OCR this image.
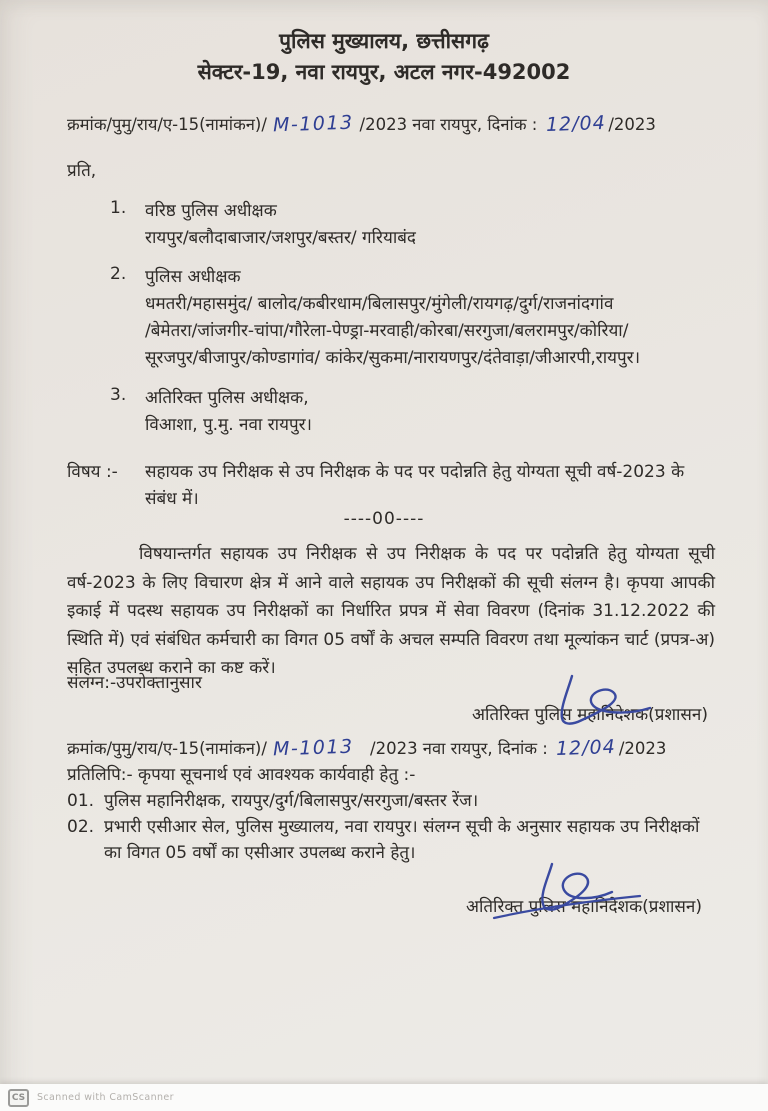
पुलिस मुख्यालय, छत्तीसगढ़
सेक्टर-19, नवा रायपुर, अटल नगर-492002
क्रमांक/पुमु/राय/ए-15(नामांकन)/ M-1013 /2023 नवा रायपुर, दिनांक : 12/04 /2023
प्रति,
1. वरिष्ठ पुलिस अधीक्षक
रायपुर/बलौदाबाजार/जशपुर/बस्तर/ गरियाबंद
2. पुलिस अधीक्षक
धमतरी/महासमुंद/ बालोद/कबीरधाम/बिलासपुर/मुंगेली/रायगढ़/दुर्ग/राजनांदगांव
/बेमेतरा/जांजगीर-चांपा/गौरेला-पेण्ड्रा-मरवाही/कोरबा/सरगुजा/बलरामपुर/कोरिया/
सूरजपुर/बीजापुर/कोण्डागांव/ कांकेर/सुकमा/नारायणपुर/दंतेवाड़ा/जीआरपी,रायपुर।
3. अतिरिक्त पुलिस अधीक्षक,
विआशा, पु.मु. नवा रायपुर।
विषय :- सहायक उप निरीक्षक से उप निरीक्षक के पद पर पदोन्नति हेतु योग्यता सूची वर्ष-2023 के संबंध में।
----00----
विषयान्तर्गत सहायक उप निरीक्षक से उप निरीक्षक के पद पर पदोन्नति हेतु योग्यता सूची वर्ष-2023 के लिए विचारण क्षेत्र में आने वाले सहायक उप निरीक्षकों की सूची संलग्न है। कृपया आपकी इकाई में पदस्थ सहायक उप निरीक्षकों का निर्धारित प्रपत्र में सेवा विवरण (दिनांक 31.12.2022 की स्थिति में) एवं संबंधित कर्मचारी का विगत 05 वर्षों के अचल सम्पति विवरण तथा मूल्यांकन चार्ट (प्रपत्र-अ) सहित उपलब्ध कराने का कष्ट करें।
संलग्न:-उपरोक्तानुसार
अतिरिक्त पुलिस महानिदेशक(प्रशासन)
क्रमांक/पुमु/राय/ए-15(नामांकन)/ M-1013 /2023 नवा रायपुर, दिनांक : 12/04 /2023
प्रतिलिपि:- कृपया सूचनार्थ एवं आवश्यक कार्यवाही हेतु :-
01. पुलिस महानिरीक्षक, रायपुर/दुर्ग/बिलासपुर/सरगुजा/बस्तर रेंज।
02. प्रभारी एसीआर सेल, पुलिस मुख्यालय, नवा रायपुर। संलग्न सूची के अनुसार सहायक उप निरीक्षकों का विगत 05 वर्षों का एसीआर उपलब्ध कराने हेतु।
अतिरिक्त पुलिस महानिदेशक(प्रशासन)
CS	Scanned with CamScanner
